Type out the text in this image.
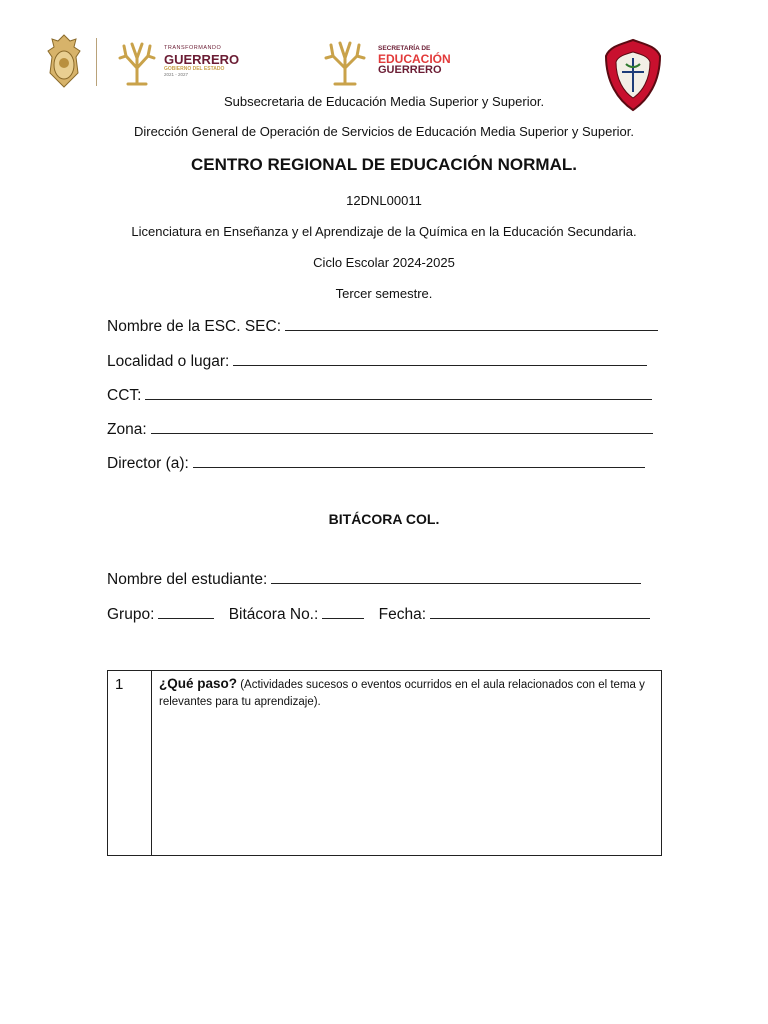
TRANSFORMANDO
GUERRERO
GOBIERNO DEL ESTADO
2021 - 2027
SECRETARÍA DE
EDUCACIÓN
GUERRERO
Subsecretaria de Educación Media Superior y Superior.
Dirección General de Operación de Servicios de Educación Media Superior y Superior.
CENTRO REGIONAL DE EDUCACIÓN NORMAL.
12DNL00011
Licenciatura en Enseñanza y el Aprendizaje de la Química en la Educación Secundaria.
Ciclo Escolar 2024-2025
Tercer semestre.
Nombre de la ESC. SEC:
Localidad o lugar:
CCT:
Zona:
Director (a):
BITÁCORA COL.
Nombre del estudiante:
Grupo:	Bitácora No.:	Fecha:
1	¿Qué paso? (Actividades sucesos o eventos ocurridos en el aula relacionados con el tema y relevantes para tu aprendizaje).
